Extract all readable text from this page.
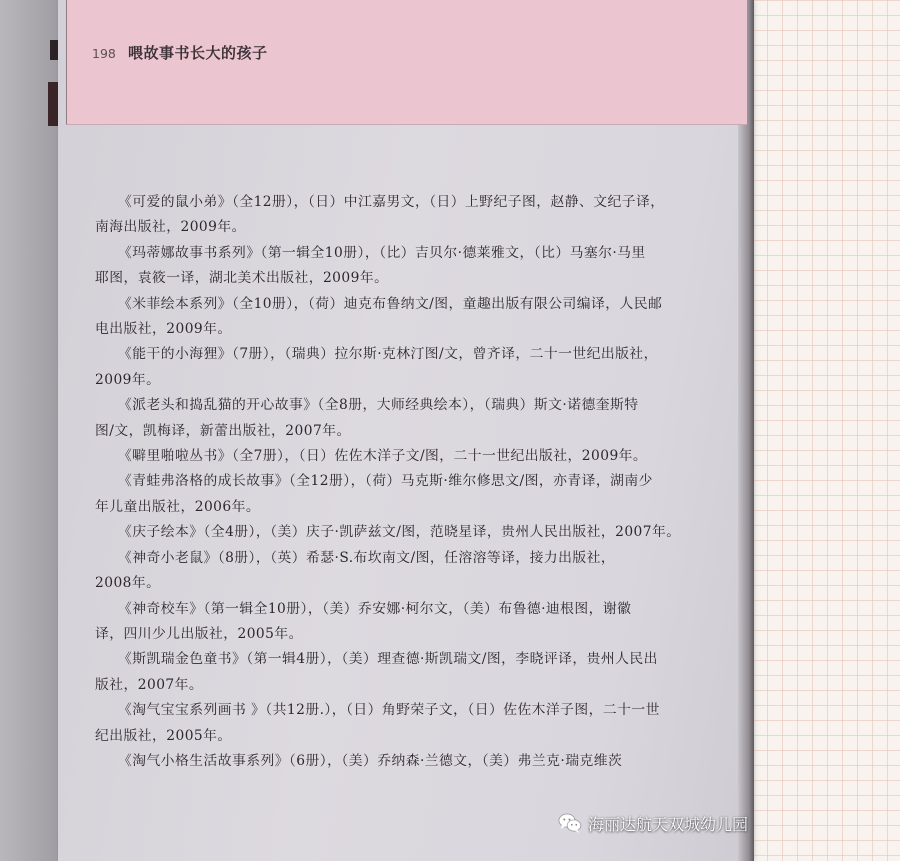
198 喂故事书长大的孩子
《可爱的鼠小弟》（全12册），（日）中江嘉男文，（日）上野纪子图，赵静、文纪子译，
南海出版社，2009年。
《玛蒂娜故事书系列》（第一辑全10册），（比）吉贝尔·德莱雅文，（比）马塞尔·马里
耶图，袁筱一译，湖北美术出版社，2009年。
《米菲绘本系列》（全10册），（荷）迪克布鲁纳文/图，童趣出版有限公司编译，人民邮
电出版社，2009年。
《能干的小海狸》（7册），（瑞典）拉尔斯·克林汀图/文，曾齐译，二十一世纪出版社，
2009年。
《派老头和捣乱猫的开心故事》（全8册，大师经典绘本），（瑞典）斯文·诺德奎斯特
图/文，凯梅译，新蕾出版社，2007年。
《噼里啪啦丛书》（全7册），（日）佐佐木洋子文/图，二十一世纪出版社，2009年。
《青蛙弗洛格的成长故事》（全12册），（荷）马克斯·维尔修思文/图，亦青译，湖南少
年儿童出版社，2006年。
《庆子绘本》（全4册），（美）庆子·凯萨兹文/图，范晓星译，贵州人民出版社，2007年。
《神奇小老鼠》（8册），（英）希瑟·S.布坎南文/图，任溶溶等译，接力出版社，
2008年。
《神奇校车》（第一辑全10册），（美）乔安娜·柯尔文，（美）布鲁德·迪根图，谢徽
译，四川少儿出版社，2005年。
《斯凯瑞金色童书》（第一辑4册），（美）理查德·斯凯瑞文/图，李晓评译，贵州人民出
版社，2007年。
《淘气宝宝系列画书 》（共12册.），（日）角野荣子文，（日）佐佐木洋子图，二十一世
纪出版社，2005年。
《淘气小格生活故事系列》（6册），（美）乔纳森·兰德文，（美）弗兰克·瑞克维茨
海丽达航天双城幼儿园
